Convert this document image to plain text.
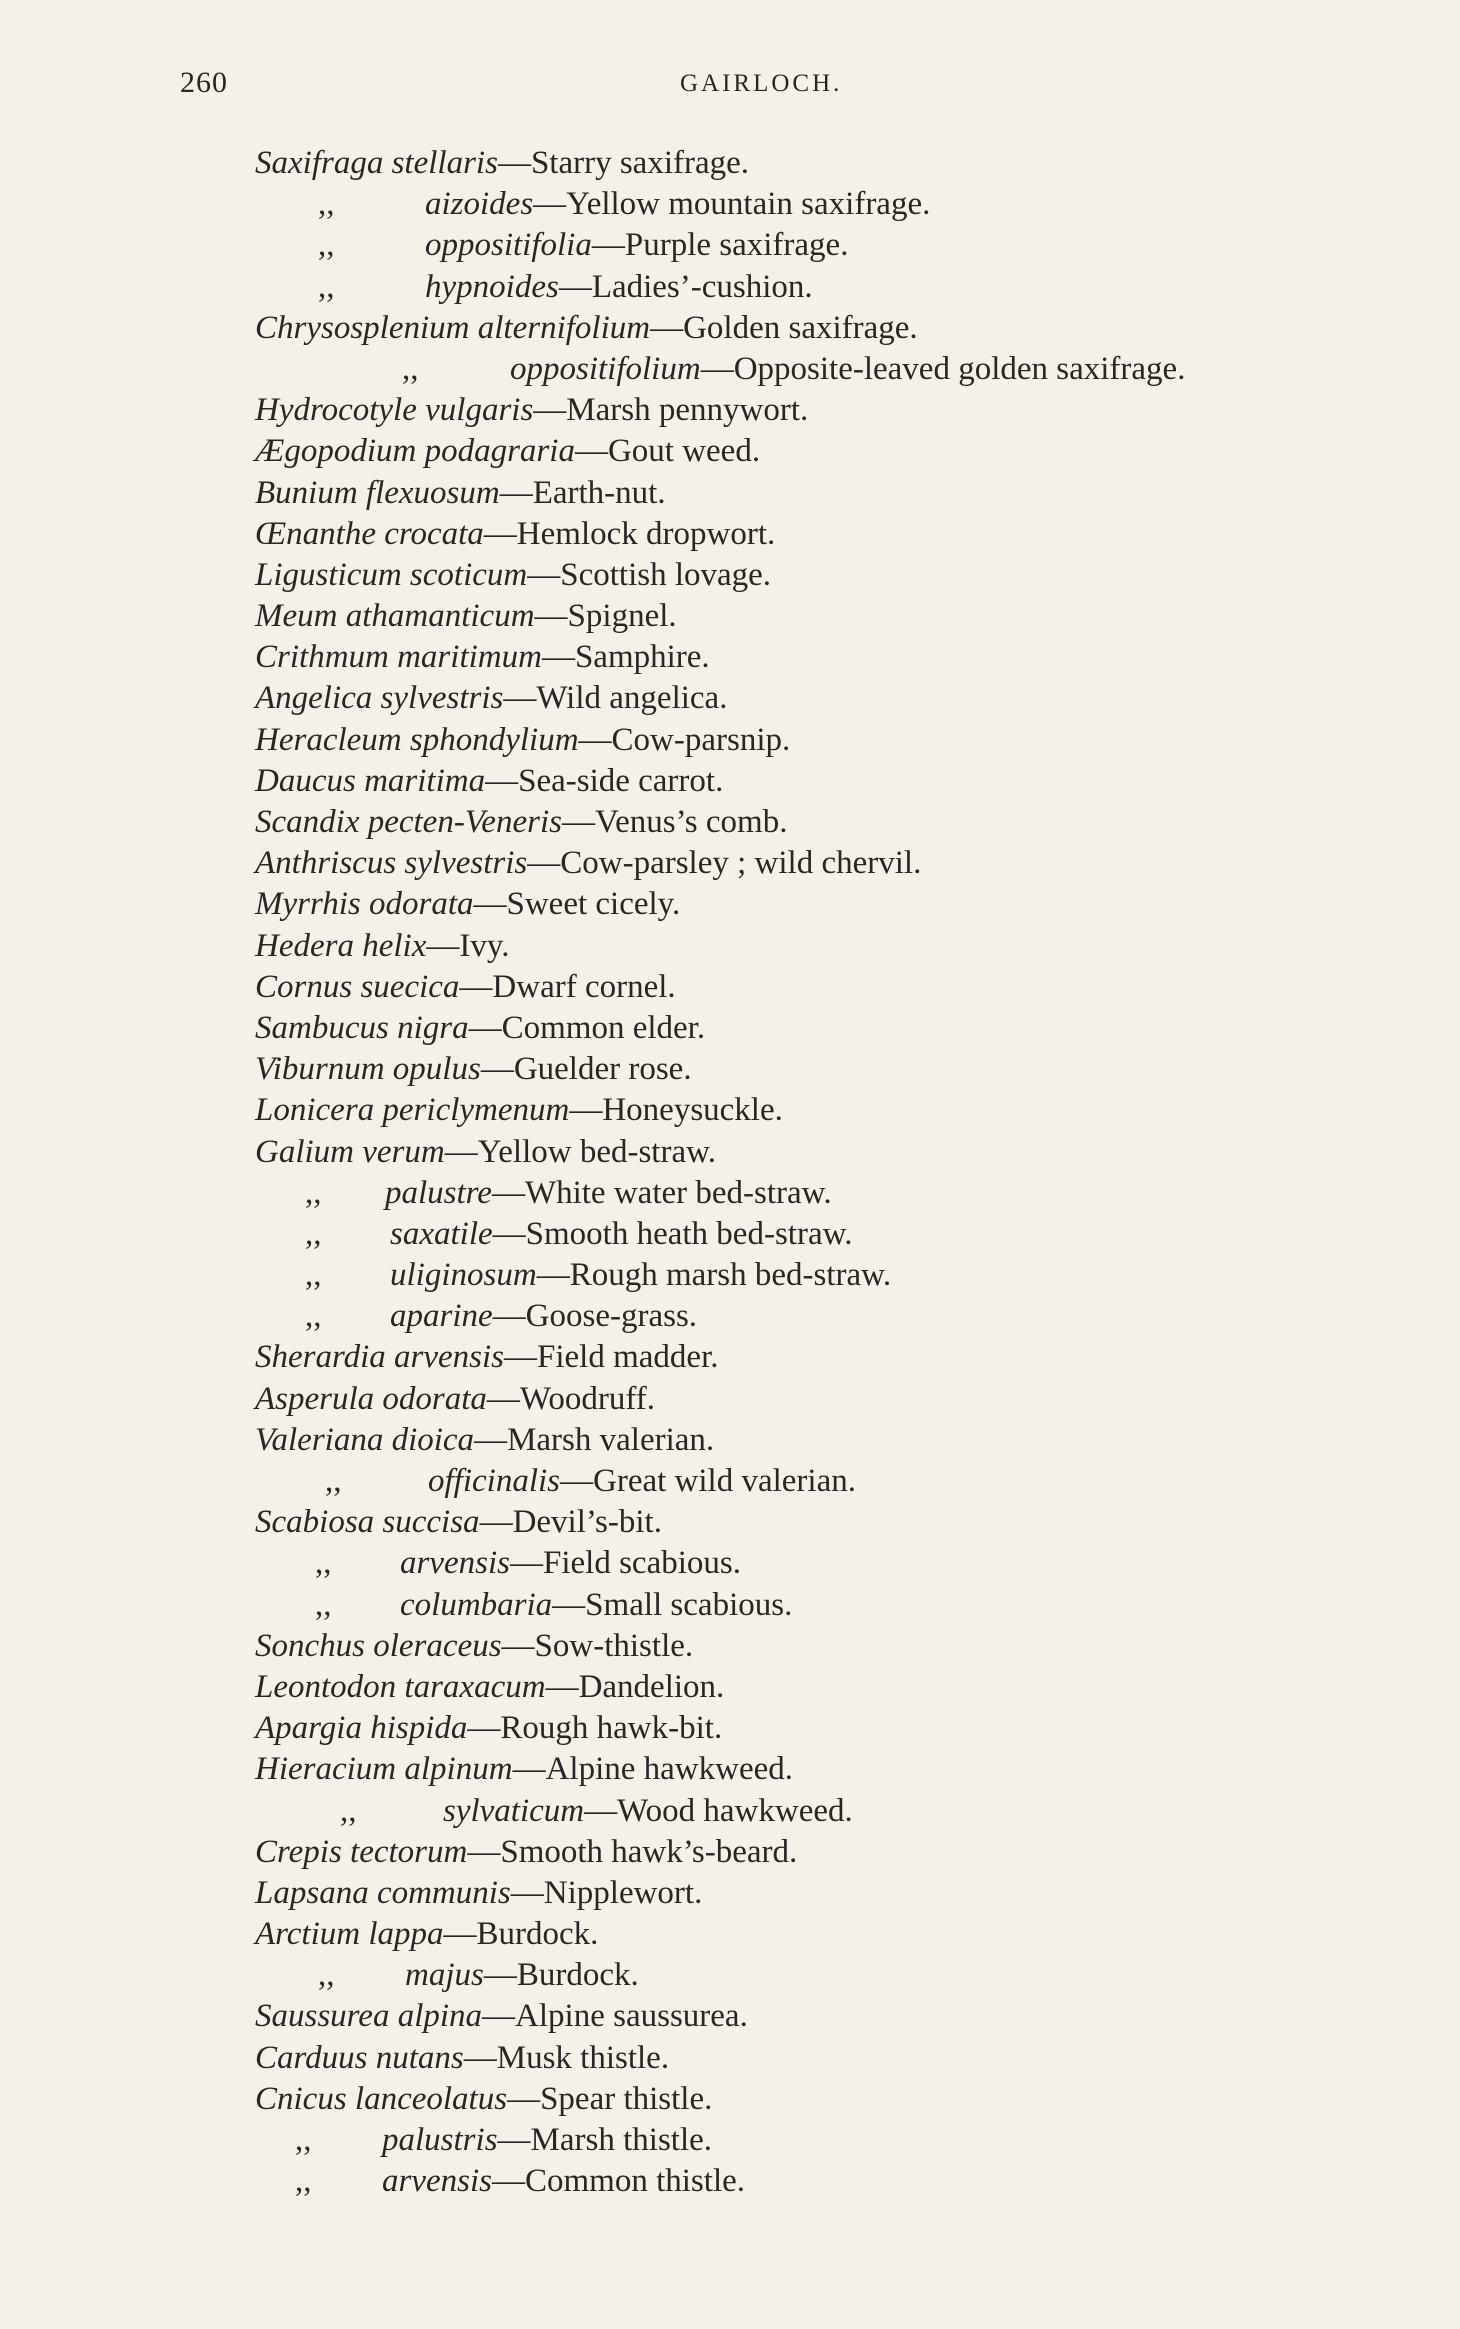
260	GAIRLOCH.
Saxifraga stellaris—Starry saxifrage.
,,	aizoides—Yellow mountain saxifrage.
,,	oppositifolia—Purple saxifrage.
,,	hypnoides—Ladies’-cushion.
Chrysosplenium alternifolium—Golden saxifrage.
,,	oppositifolium—Opposite-leaved golden saxifrage.
Hydrocotyle vulgaris—Marsh pennywort.
Ægopodium podagraria—Gout weed.
Bunium flexuosum—Earth-nut.
Œnanthe crocata—Hemlock dropwort.
Ligusticum scoticum—Scottish lovage.
Meum athamanticum—Spignel.
Crithmum maritimum—Samphire.
Angelica sylvestris—Wild angelica.
Heracleum sphondylium—Cow-parsnip.
Daucus maritima—Sea-side carrot.
Scandix pecten-Veneris—Venus’s comb.
Anthriscus sylvestris—Cow-parsley ; wild chervil.
Myrrhis odorata—Sweet cicely.
Hedera helix—Ivy.
Cornus suecica—Dwarf cornel.
Sambucus nigra—Common elder.
Viburnum opulus—Guelder rose.
Lonicera periclymenum—Honeysuckle.
Galium verum—Yellow bed-straw.
,, palustre—White water bed-straw.
,, saxatile—Smooth heath bed-straw.
,, uliginosum—Rough marsh bed-straw.
,, aparine—Goose-grass.
Sherardia arvensis—Field madder.
Asperula odorata—Woodruff.
Valeriana dioica—Marsh valerian.
,,	officinalis—Great wild valerian.
Scabiosa succisa—Devil’s-bit.
,, arvensis—Field scabious.
,, columbaria—Small scabious.
Sonchus oleraceus—Sow-thistle.
Leontodon taraxacum—Dandelion.
Apargia hispida—Rough hawk-bit.
Hieracium alpinum—Alpine hawkweed.
,,	sylvaticum—Wood hawkweed.
Crepis tectorum—Smooth hawk’s-beard.
Lapsana communis—Nipplewort.
Arctium lappa—Burdock.
,, majus—Burdock.
Saussurea alpina—Alpine saussurea.
Carduus nutans—Musk thistle.
Cnicus lanceolatus—Spear thistle.
,, palustris—Marsh thistle.
,, arvensis—Common thistle.
